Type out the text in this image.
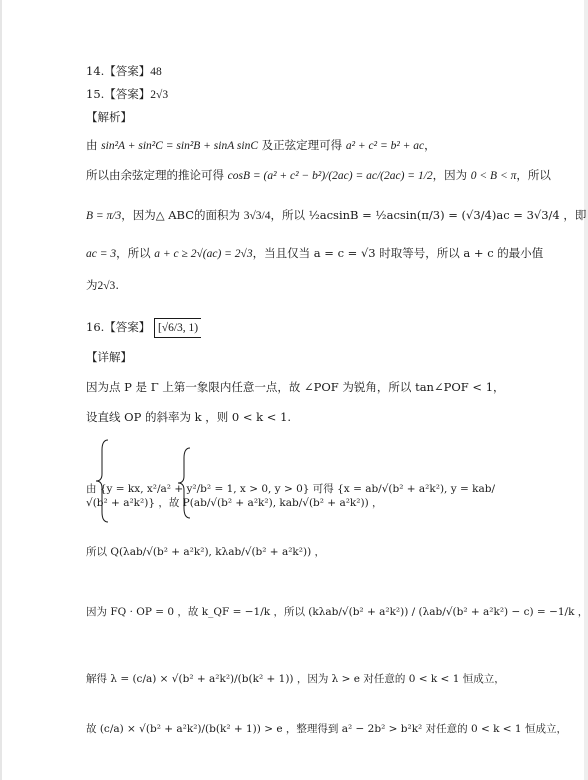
14.【答案】48
15.【答案】2√3
【解析】
由 sin²A + sin²C = sin²B + sinA sinC 及正弦定理可得 a² + c² = b² + ac，
所以由余弦定理的推论可得 cosB = (a² + c² − b²)/(2ac) = ac/(2ac) = 1/2，因为 0 < B < π，所以
B = π/3，因为△ ABC的面积为 3√3/4，所以 ½acsinB = ½acsin(π/3) = (√3/4)ac = 3√3/4 ，即
ac = 3，所以 a + c ≥ 2√(ac) = 2√3，当且仅当 a = c = √3 时取等号，所以 a + c 的最小值
为2√3.
16.【答案】 [√6/3, 1)
【详解】
因为点 P 是 Γ 上第一象限内任意一点，故 ∠POF 为锐角，所以 tan∠POF < 1，
设直线 OP 的斜率为 k ，则 0 < k < 1.
由 {y = kx, x²/a² + y²/b² = 1, x > 0, y > 0} 可得 {x = ab/√(b² + a²k²), y = kab/√(b² + a²k²)} ，故 P(ab/√(b² + a²k²), kab/√(b² + a²k²)) ，
所以 Q(λab/√(b² + a²k²), kλab/√(b² + a²k²)) ，
因为 FQ · OP = 0 ，故 k_QF = −1/k ，所以 (kλab/√(b² + a²k²)) / (λab/√(b² + a²k²) − c) = −1/k ，
解得 λ = (c/a) × √(b² + a²k²)/(b(k² + 1)) ，因为 λ > e 对任意的 0 < k < 1 恒成立，
故 (c/a) × √(b² + a²k²)/(b(k² + 1)) > e ，整理得到 a² − 2b² > b²k² 对任意的 0 < k < 1 恒成立，
